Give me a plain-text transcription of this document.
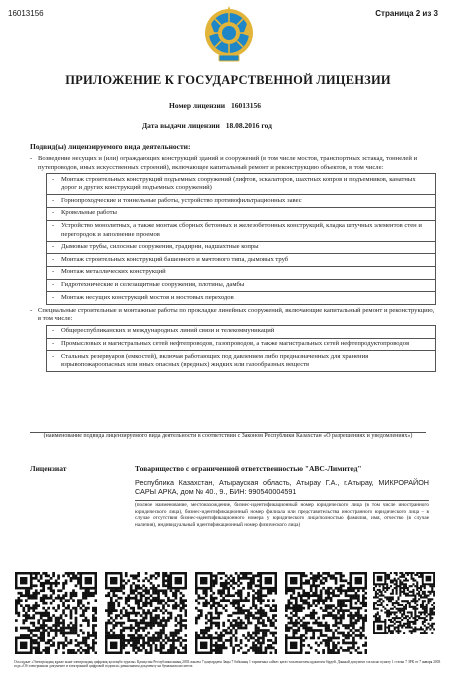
16013156	Страница 2 из 3
ПРИЛОЖЕНИЕ К ГОСУДАРСТВЕННОЙ ЛИЦЕНЗИИ
Номер лицензии 16013156
Дата выдачи лицензии 18.08.2016 год
Подвид(ы) лицензируемого вида деятельности:
- Возведение несущих и (или) ограждающих конструкций зданий и сооружений (в том числе мостов, транспортных эстакад, тоннелей и путепроводов, иных искусственных строений), включающее капитальный ремонт и реконструкцию объектов, в том числе:
- Монтаж строительных конструкций подъемных сооружений (лифтов, эскалаторов, шахтных копров и подъемников, канатных дорог и других конструкций подъемных сооружений)
- Горнопроходческие и тоннельные работы, устройство противофильтрационных завес
- Кровельные работы
- Устройство монолитных, а также монтаж сборных бетонных и железобетонных конструкций, кладка штучных элементов стен и перегородок и заполнение проемов
- Дымовые трубы, силосные сооружения, градирни, надшахтные копры
- Монтаж строительных конструкций башенного и мачтового типа, дымовых труб
- Монтаж металлических конструкций
- Гидротехнические и селезащитные сооружения, плотины, дамбы
- Монтаж несущих конструкций мостов и мостовых переходов
- Специальные строительные и монтажные работы по прокладке линейных сооружений, включающие капитальный ремонт и реконструкцию, в том числе:
- Общереспубликанских и международных линий связи и телекоммуникаций
- Промысловых и магистральных сетей нефтепроводов, газопроводов, а также магистральных сетей нефтепродуктопроводов
- Стальных резервуаров (емкостей), включая работающих под давлением либо предназначенных для хранения взрывопожароопасных или иных опасных (вредных) жидких или газообразных веществ
(наименование подвида лицензируемого вида деятельности в соответствии с Законом Республики Казахстан «О разрешениях и уведомлениях»)
Лицензиат	Товарищество с ограниченной ответственностью "АВС-Лимитед"
Республика Казахстан, Атырауская область, Атырау Г.А., г.Атырау, МИКРОРАЙОН САРЫ АРКА, дом № 40., 9., БИН: 990540004591
(полное наименование, местонахождение, бизнес-идентификационный номер юридического лица (в том числе иностранного юридического лица), бизнес-идентификационный номер филиала или представительства иностранного юридического лица – в случае отсутствия бизнес-идентификационного номера у юридического лица/полностью фамилия, имя, отчество (в случае наличия), индивидуальный идентификационный номер физического лица)
Осы құжат «Электрондық құжат және электрондық цифрлық қолтаңба туралы» Қазақстан Республикасының 2003 жылғы 7 қаңтардағы Заңы 7 бабының 1 тармағына сәйкес қағаз тасығыштағы құжатпен бірдей. Данный документ согласно пункту 1 статьи 7 ЗРК от 7 января 2003 года «Об электронном документе и электронной цифровой подписи» равнозначен документу на бумажном носителе.
